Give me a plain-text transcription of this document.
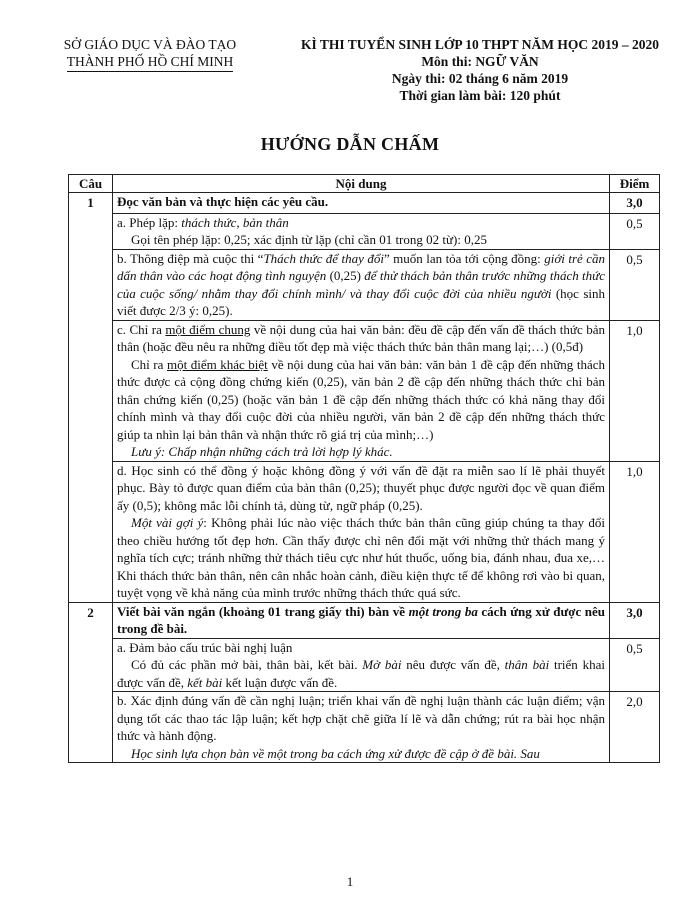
SỞ GIÁO DỤC VÀ ĐÀO TẠO
THÀNH PHỐ HỒ CHÍ MINH
KÌ THI TUYỂN SINH LỚP 10 THPT NĂM HỌC 2019 – 2020
Môn thi: NGỮ VĂN
Ngày thi: 02 tháng 6 năm 2019
Thời gian làm bài: 120 phút
HƯỚNG DẪN CHẤM
Câu	Nội dung	Điểm
1	Đọc văn bản và thực hiện các yêu cầu.	3,0

	a. Phép lặp: thách thức, bản thân

Gọi tên phép lặp: 0,25; xác định từ lặp (chỉ cần 01 trong 02 từ): 0,25	0,5

	b. Thông điệp mà cuộc thi “Thách thức để thay đổi” muốn lan tỏa tới cộng đồng: giới trẻ cần dấn thân vào các hoạt động tình nguyện (0,25) để thử thách bản thân trước những thách thức của cuộc sống/ nhằm thay đổi chính mình/ và thay đổi cuộc đời của nhiều người (học sinh viết được 2/3 ý: 0,25).	0,5

	c. Chỉ ra một điểm chung về nội dung của hai văn bản: đều đề cập đến vấn đề thách thức bản thân (hoặc đều nêu ra những điều tốt đẹp mà việc thách thức bản thân mang lại;…) (0,5đ)

Chỉ ra một điểm khác biệt về nội dung của hai văn bản: văn bản 1 đề cập đến những thách thức được cả cộng đồng chứng kiến (0,25), văn bản 2 đề cập đến những thách thức chỉ bản thân chứng kiến (0,25) (hoặc văn bản 1 đề cập đến những thách thức có khả năng thay đổi chính mình và thay đổi cuộc đời của nhiều người, văn bản 2 đề cập đến những thách thức giúp ta nhìn lại bản thân và nhận thức rõ giá trị của mình;…)

Lưu ý: Chấp nhận những cách trả lời hợp lý khác.	1,0

	d. Học sinh có thể đồng ý hoặc không đồng ý với vấn đề đặt ra miễn sao lí lẽ phải thuyết phục. Bày tỏ được quan điểm của bản thân (0,25); thuyết phục được người đọc về quan điểm ấy (0,5); không mắc lỗi chính tả, dùng từ, ngữ pháp (0,25).

Một vài gợi ý: Không phải lúc nào việc thách thức bản thân cũng giúp chúng ta thay đổi theo chiều hướng tốt đẹp hơn. Cần thấy được chỉ nên đối mặt với những thử thách mang ý nghĩa tích cực; tránh những thử thách tiêu cực như hút thuốc, uống bia, đánh nhau, đua xe,… Khi thách thức bản thân, nên cân nhắc hoàn cảnh, điều kiện thực tế để không rơi vào bi quan, tuyệt vọng về khả năng của mình trước những thách thức quá sức.	1,0
2	Viết bài văn ngắn (khoảng 01 trang giấy thi) bàn về một trong ba cách ứng xử được nêu trong đề bài.	3,0

	a. Đảm bảo cấu trúc bài nghị luận

Có đủ các phần mở bài, thân bài, kết bài. Mở bài nêu được vấn đề, thân bài triển khai được vấn đề, kết bài kết luận được vấn đề.	0,5

	b. Xác định đúng vấn đề cần nghị luận; triển khai vấn đề nghị luận thành các luận điểm; vận dụng tốt các thao tác lập luận; kết hợp chặt chẽ giữa lí lẽ và dẫn chứng; rút ra bài học nhận thức và hành động.

Học sinh lựa chọn bàn về một trong ba cách ứng xử được đề cập ở đề bài. Sau	2,0
1
